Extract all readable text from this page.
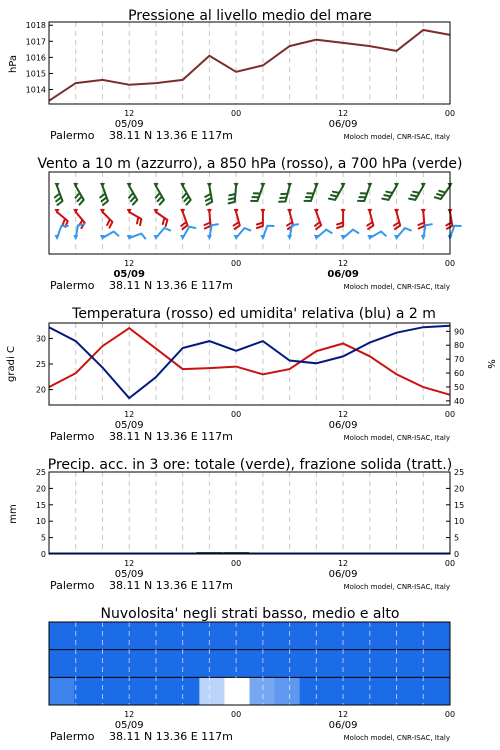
Pressione al livello medio del mare
hPa
1014
1015
1016
1017
1018
12	00	12	00
05/09	06/09
Palermo 38.11 N 13.36 E 117m	Moloch model, CNR-ISAC, Italy
Vento a 10 m (azzurro), a 850 hPa (rosso), a 700 hPa (verde)
12	00	12	00
05/09	06/09
Palermo 38.11 N 13.36 E 117m	Moloch model, CNR-ISAC, Italy
Temperatura (rosso) ed umidita' relativa (blu) a 2 m
gradi C	%
20
25
30
40
50
60
70
80
90
12	00	12	00
05/09	06/09
Palermo 38.11 N 13.36 E 117m	Moloch model, CNR-ISAC, Italy
Precip. acc. in 3 ore: totale (verde), frazione solida (tratt.)
mm
0
5
10
15
20
25
0
5
10
15
20
25
12	00	12	00
05/09	06/09
Palermo 38.11 N 13.36 E 117m	Moloch model, CNR-ISAC, Italy
Nuvolosita' negli strati basso, medio e alto
12	00	12	00
05/09	06/09
Palermo 38.11 N 13.36 E 117m	Moloch model, CNR-ISAC, Italy
